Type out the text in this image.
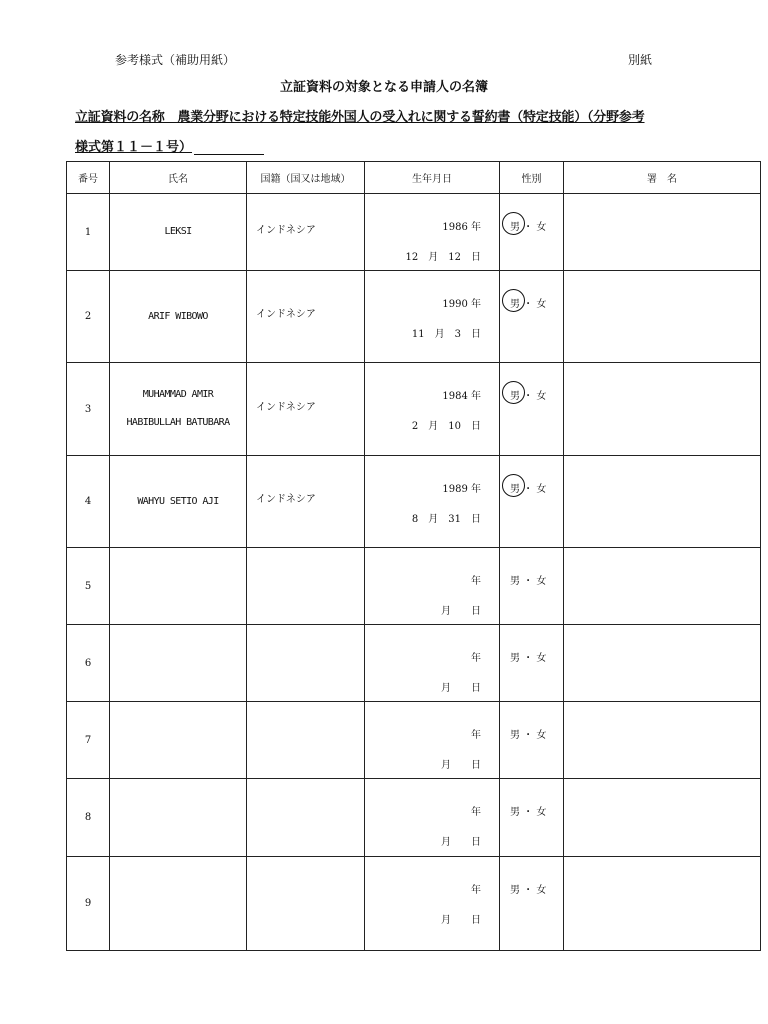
参考様式（補助用紙）	別紙
立証資料の対象となる申請人の名簿
立証資料の名称　農業分野における特定技能外国人の受入れに関する誓約書（特定技能）（分野参考
様式第１１－１号）
番号	氏名	国籍（国又は地域）	生年月日	性別	署　名
1	LEKSI	インドネシア	1986 年
12　月　12　日	男 ・ 女	

2	ARIF WIBOWO	インドネシア	1990 年
11　月　3　日	男 ・ 女	

3	MUHAMMAD AMIR
HABIBULLAH BATUBARA	インドネシア	1984 年
2　月　10　日	男 ・ 女	

4	WAHYU SETIO AJI	インドネシア	1989 年
8　月　31　日	男 ・ 女	

5			年
月　　日	男 ・ 女	

6			年
月　　日	男 ・ 女	

7			年
月　　日	男 ・ 女	

8			年
月　　日	男 ・ 女	

9			年
月　　日	男 ・ 女	
